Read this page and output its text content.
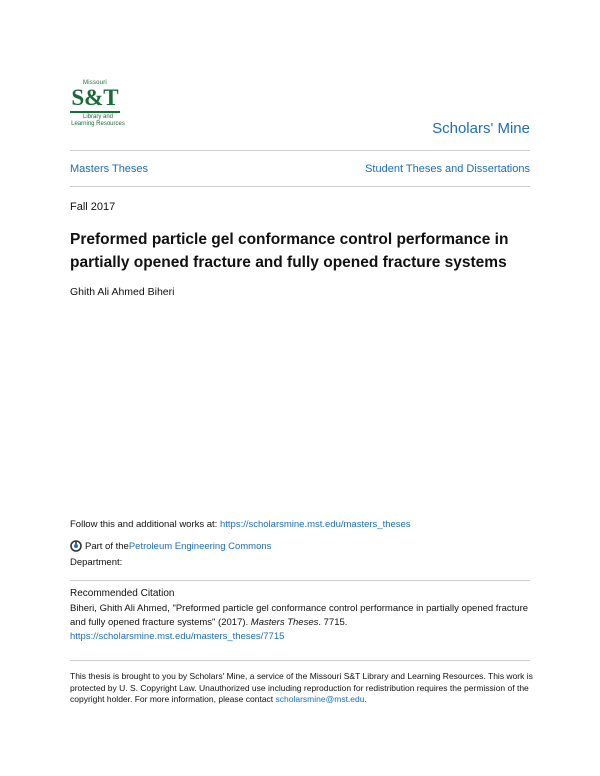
Missouri
S&T
Library and
Learning Resources	Scholars' Mine
Masters Theses	Student Theses and Dissertations
Fall 2017
Preformed particle gel conformance control performance in partially opened fracture and fully opened fracture systems
Ghith Ali Ahmed Biheri
Follow this and additional works at: https://scholarsmine.mst.edu/masters_theses
Part of the Petroleum Engineering Commons
Department:
Recommended Citation
Biheri, Ghith Ali Ahmed, "Preformed particle gel conformance control performance in partially opened fracture and fully opened fracture systems" (2017). Masters Theses. 7715.
https://scholarsmine.mst.edu/masters_theses/7715
This thesis is brought to you by Scholars' Mine, a service of the Missouri S&T Library and Learning Resources. This work is protected by U. S. Copyright Law. Unauthorized use including reproduction for redistribution requires the permission of the copyright holder. For more information, please contact scholarsmine@mst.edu.
